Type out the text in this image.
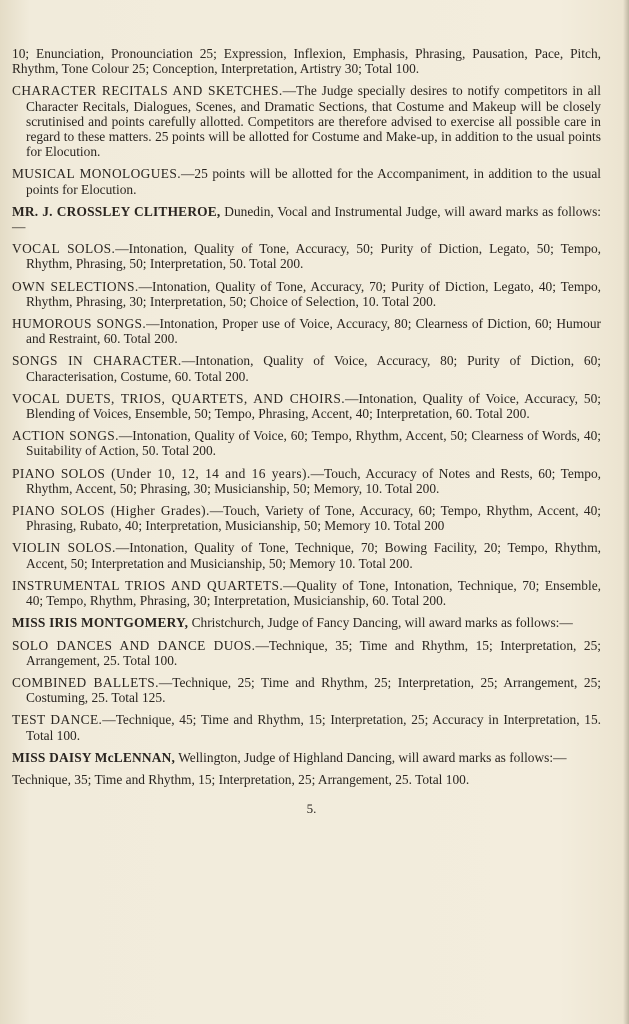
10; Enunciation, Pronounciation 25; Expression, Inflexion, Emphasis, Phrasing, Pausation, Pace, Pitch, Rhythm, Tone Colour 25; Conception, Interpretation, Artistry 30; Total 100.
CHARACTER RECITALS AND SKETCHES.—The Judge specially desires to notify competitors in all Character Recitals, Dialogues, Scenes, and Dramatic Sections, that Costume and Makeup will be closely scrutinised and points carefully allotted. Competitors are therefore advised to exercise all possible care in regard to these matters. 25 points will be allotted for Costume and Make-up, in addition to the usual points for Elocution.
MUSICAL MONOLOGUES.—25 points will be allotted for the Accompaniment, in addition to the usual points for Elocution.
MR. J. CROSSLEY CLITHEROE, Dunedin, Vocal and Instrumental Judge, will award marks as follows:—
VOCAL SOLOS.—Intonation, Quality of Tone, Accuracy, 50; Purity of Diction, Legato, 50; Tempo, Rhythm, Phrasing, 50; Interpretation, 50. Total 200.
OWN SELECTIONS.—Intonation, Quality of Tone, Accuracy, 70; Purity of Diction, Legato, 40; Tempo, Rhythm, Phrasing, 30; Interpretation, 50; Choice of Selection, 10. Total 200.
HUMOROUS SONGS.—Intonation, Proper use of Voice, Accuracy, 80; Clearness of Diction, 60; Humour and Restraint, 60. Total 200.
SONGS IN CHARACTER.—Intonation, Quality of Voice, Accuracy, 80; Purity of Diction, 60; Characterisation, Costume, 60. Total 200.
VOCAL DUETS, TRIOS, QUARTETS, AND CHOIRS.—Intonation, Quality of Voice, Accuracy, 50; Blending of Voices, Ensemble, 50; Tempo, Phrasing, Accent, 40; Interpretation, 60. Total 200.
ACTION SONGS.—Intonation, Quality of Voice, 60; Tempo, Rhythm, Accent, 50; Clearness of Words, 40; Suitability of Action, 50. Total 200.
PIANO SOLOS (Under 10, 12, 14 and 16 years).—Touch, Accuracy of Notes and Rests, 60; Tempo, Rhythm, Accent, 50; Phrasing, 30; Musicianship, 50; Memory, 10. Total 200.
PIANO SOLOS (Higher Grades).—Touch, Variety of Tone, Accuracy, 60; Tempo, Rhythm, Accent, 40; Phrasing, Rubato, 40; Interpretation, Musicianship, 50; Memory 10. Total 200
VIOLIN SOLOS.—Intonation, Quality of Tone, Technique, 70; Bowing Facility, 20; Tempo, Rhythm, Accent, 50; Interpretation and Musicianship, 50; Memory 10. Total 200.
INSTRUMENTAL TRIOS AND QUARTETS.—Quality of Tone, Intonation, Technique, 70; Ensemble, 40; Tempo, Rhythm, Phrasing, 30; Interpretation, Musicianship, 60. Total 200.
MISS IRIS MONTGOMERY, Christchurch, Judge of Fancy Dancing, will award marks as follows:—
SOLO DANCES AND DANCE DUOS.—Technique, 35; Time and Rhythm, 15; Interpretation, 25; Arrangement, 25. Total 100.
COMBINED BALLETS.—Technique, 25; Time and Rhythm, 25; Interpretation, 25; Arrangement, 25; Costuming, 25. Total 125.
TEST DANCE.—Technique, 45; Time and Rhythm, 15; Interpretation, 25; Accuracy in Interpretation, 15. Total 100.
MISS DAISY McLENNAN, Wellington, Judge of Highland Dancing, will award marks as follows:—
Technique, 35; Time and Rhythm, 15; Interpretation, 25; Arrangement, 25. Total 100.
5.
